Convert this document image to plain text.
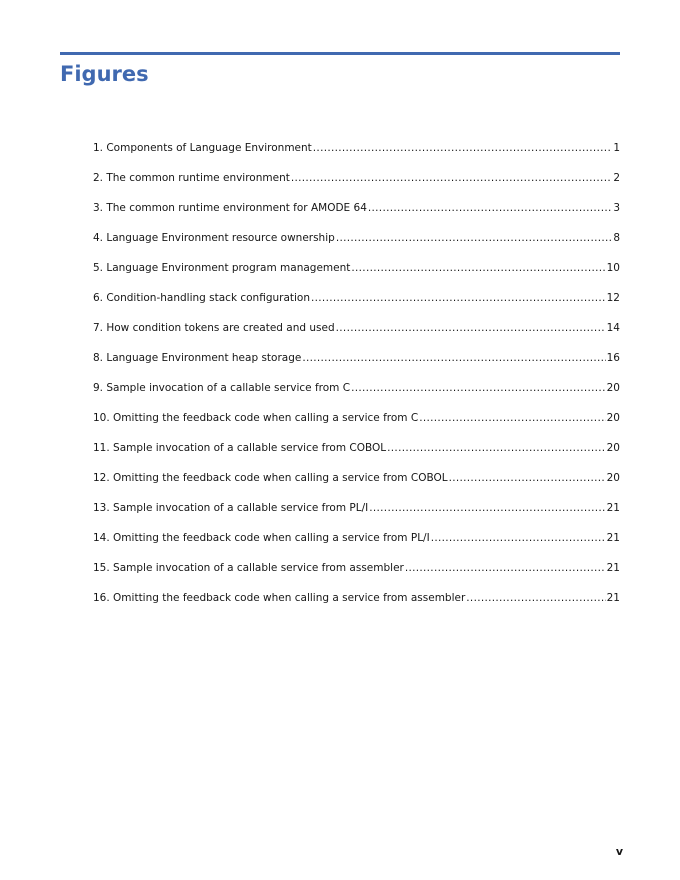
Figures
1. Components of Language Environment .....	1
2. The common runtime environment .....	2
3. The common runtime environment for AMODE 64 .....	3
4. Language Environment resource ownership .....	8
5. Language Environment program management .....	10
6. Condition-handling stack configuration .....	12
7. How condition tokens are created and used .....	14
8. Language Environment heap storage .....	16
9. Sample invocation of a callable service from C .....	20
10. Omitting the feedback code when calling a service from C .....	20
11. Sample invocation of a callable service from COBOL .....	20
12. Omitting the feedback code when calling a service from COBOL .....	20
13. Sample invocation of a callable service from PL/I .....	21
14. Omitting the feedback code when calling a service from PL/I .....	21
15. Sample invocation of a callable service from assembler .....	21
16. Omitting the feedback code when calling a service from assembler .....	21
v
